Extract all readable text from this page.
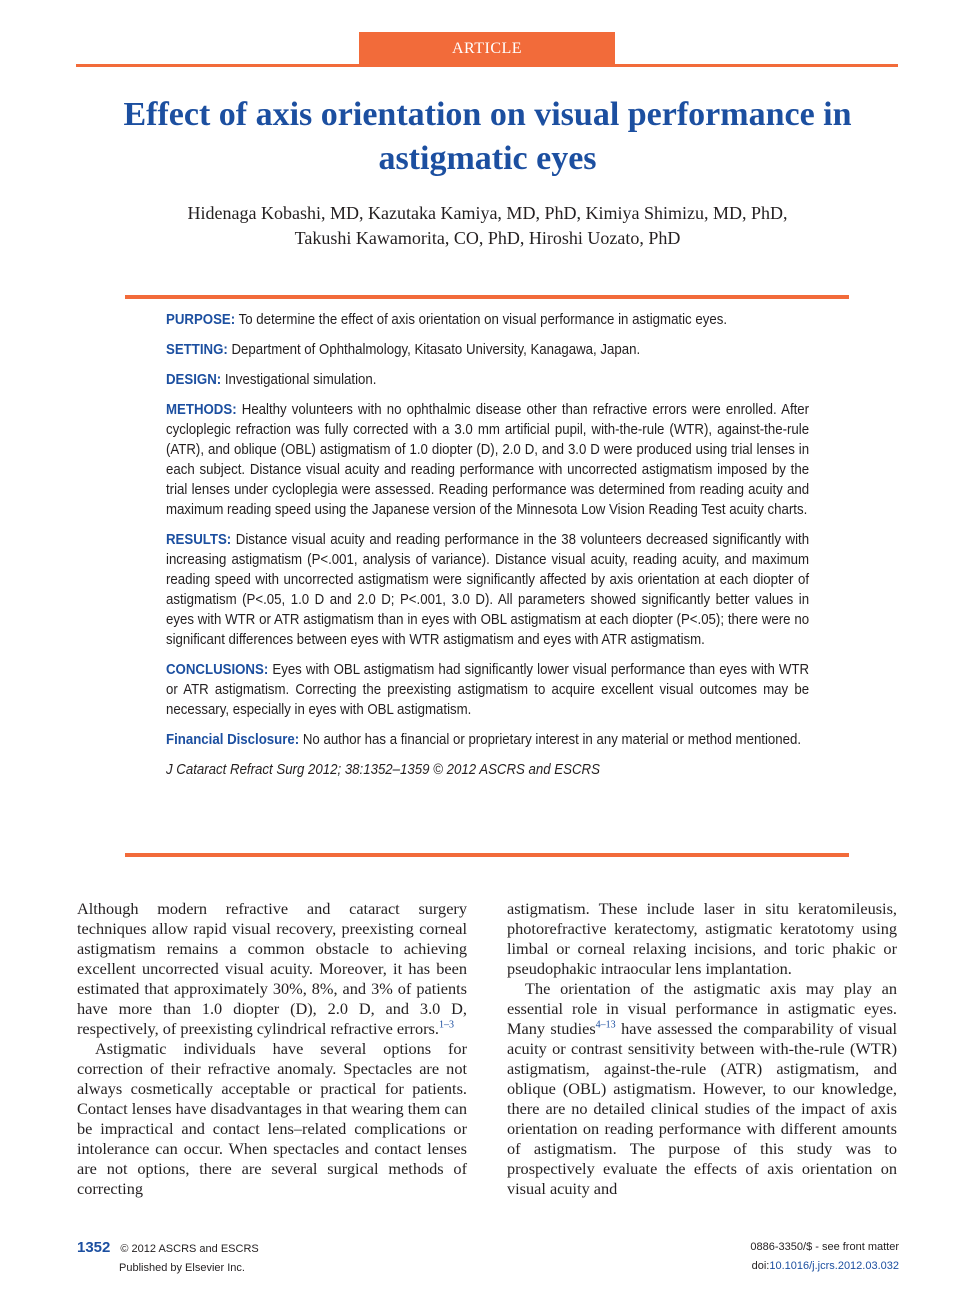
ARTICLE
Effect of axis orientation on visual performance in astigmatic eyes
Hidenaga Kobashi, MD, Kazutaka Kamiya, MD, PhD, Kimiya Shimizu, MD, PhD,
Takushi Kawamorita, CO, PhD, Hiroshi Uozato, PhD

PURPOSE: To determine the effect of axis orientation on visual performance in astigmatic eyes.

SETTING: Department of Ophthalmology, Kitasato University, Kanagawa, Japan.

DESIGN: Investigational simulation.

METHODS: Healthy volunteers with no ophthalmic disease other than refractive errors were enrolled. After cycloplegic refraction was fully corrected with a 3.0 mm artificial pupil, with-the-rule (WTR), against-the-rule (ATR), and oblique (OBL) astigmatism of 1.0 diopter (D), 2.0 D, and 3.0 D were produced using trial lenses in each subject. Distance visual acuity and reading performance with uncorrected astigmatism imposed by the trial lenses under cycloplegia were assessed. Reading performance was determined from reading acuity and maximum reading speed using the Japanese version of the Minnesota Low Vision Reading Test acuity charts.

RESULTS: Distance visual acuity and reading performance in the 38 volunteers decreased significantly with increasing astigmatism (P<.001, analysis of variance). Distance visual acuity, reading acuity, and maximum reading speed with uncorrected astigmatism were significantly affected by axis orientation at each diopter of astigmatism (P<.05, 1.0 D and 2.0 D; P<.001, 3.0 D). All parameters showed significantly better values in eyes with WTR or ATR astigmatism than in eyes with OBL astigmatism at each diopter (P<.05); there were no significant differences between eyes with WTR astigmatism and eyes with ATR astigmatism.

CONCLUSIONS: Eyes with OBL astigmatism had significantly lower visual performance than eyes with WTR or ATR astigmatism. Correcting the preexisting astigmatism to acquire excellent visual outcomes may be necessary, especially in eyes with OBL astigmatism.

Financial Disclosure: No author has a financial or proprietary interest in any material or method mentioned.

J Cataract Refract Surg 2012; 38:1352–1359 © 2012 ASCRS and ESCRS

Although modern refractive and cataract surgery techniques allow rapid visual recovery, preexisting corneal astigmatism remains a common obstacle to achieving excellent uncorrected visual acuity. Moreover, it has been estimated that approximately 30%, 8%, and 3% of patients have more than 1.0 diopter (D), 2.0 D, and 3.0 D, respectively, of preexisting cylindrical refractive errors.$^{1-3}$

Astigmatic individuals have several options for correction of their refractive anomaly. Spectacles are not always cosmetically acceptable or practical for patients. Contact lenses have disadvantages in that wearing them can be impractical and contact lens–related complications or intolerance can occur. When spectacles and contact lenses are not options, there are several surgical methods of correcting

astigmatism. These include laser in situ keratomileusis, photorefractive keratectomy, astigmatic keratotomy using limbal or corneal relaxing incisions, and toric phakic or pseudophakic intraocular lens implantation.

The orientation of the astigmatic axis may play an essential role in visual performance in astigmatic eyes. Many studies$^{4-13}$ have assessed the comparability of visual acuity or contrast sensitivity between with-the-rule (WTR) astigmatism, against-the-rule (ATR) astigmatism, and oblique (OBL) astigmatism. However, to our knowledge, there are no detailed clinical studies of the impact of axis orientation on reading performance with different amounts of astigmatism. The purpose of this study was to prospectively evaluate the effects of axis orientation on visual acuity and

1352 © 2012 ASCRS and ESCRS
Published by Elsevier Inc.
0886-3350/$ - see front matter
doi:10.1016/j.jcrs.2012.03.032
